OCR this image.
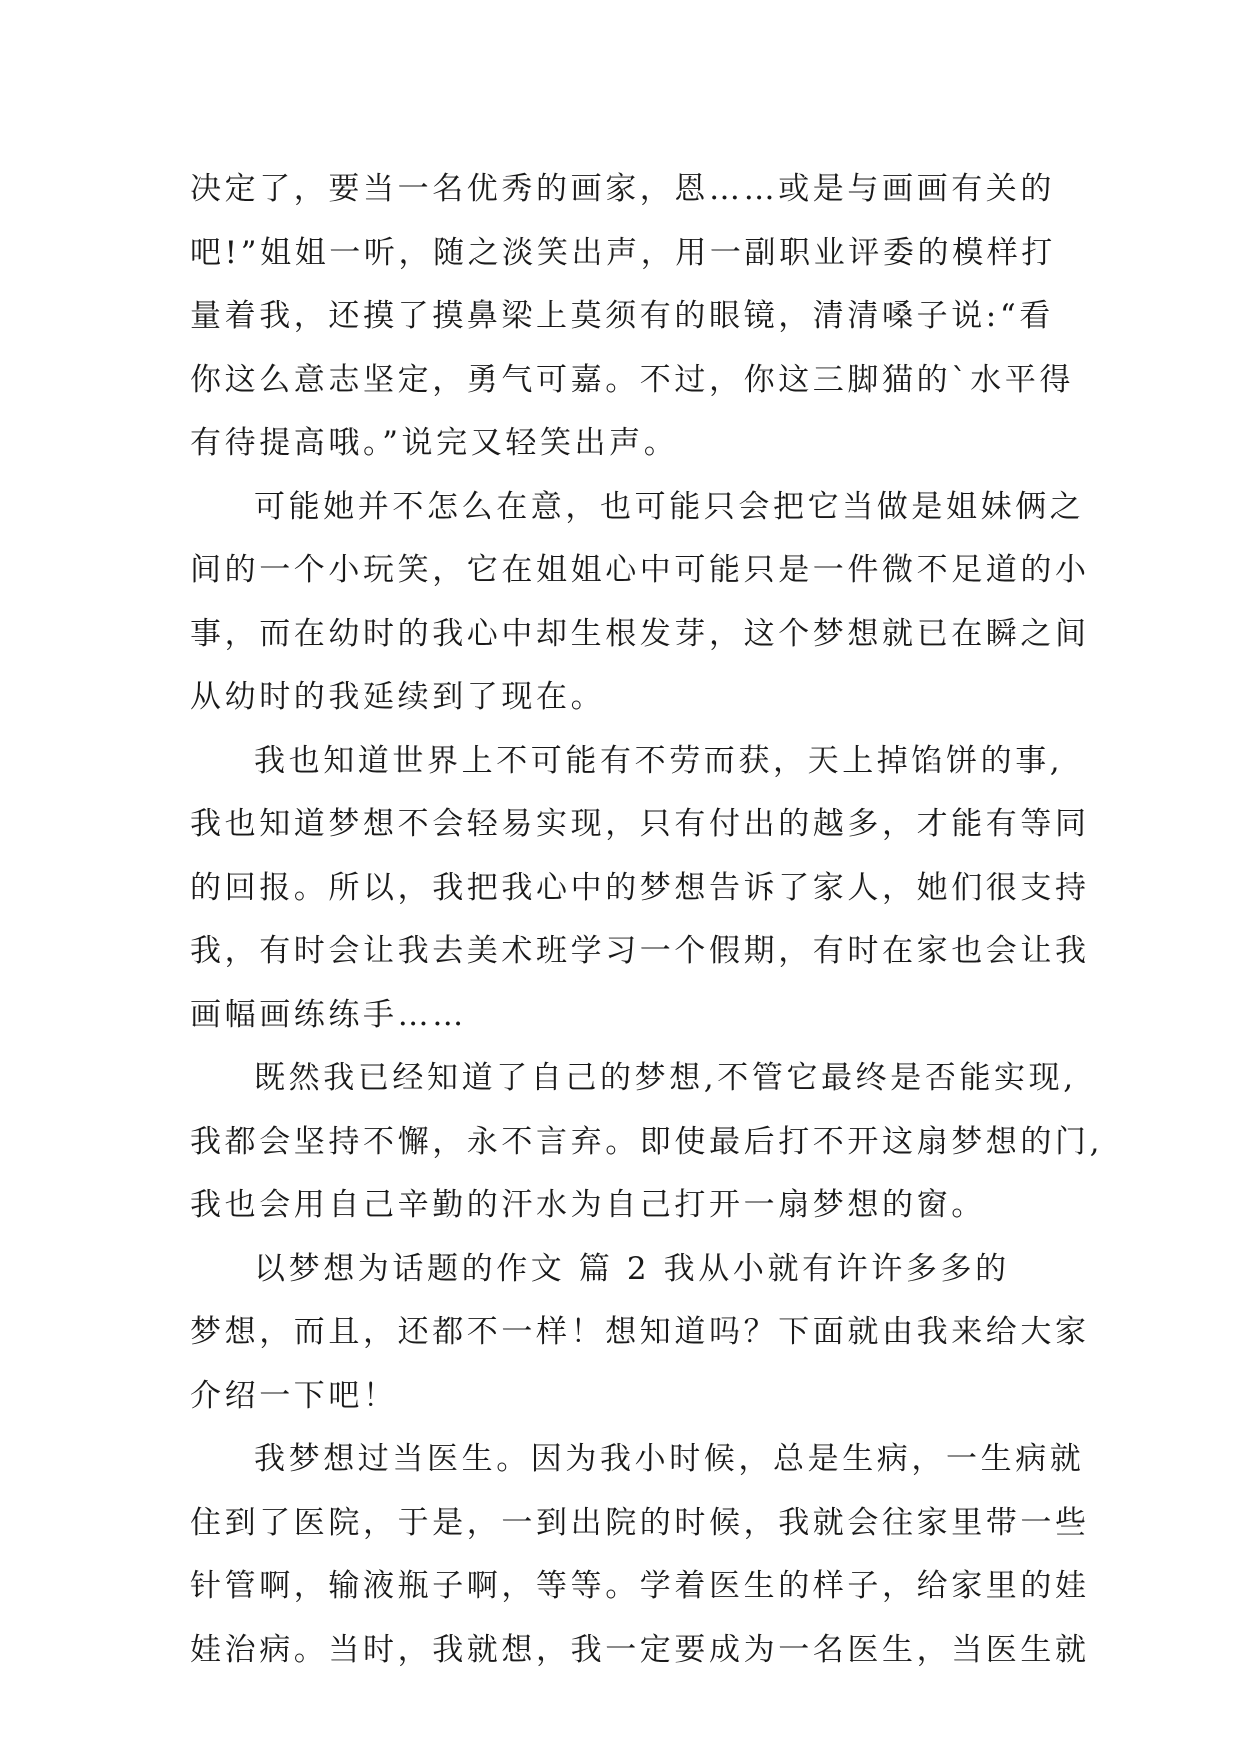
决定了，要当一名优秀的画家，恩……或是与画画有关的
吧!”姐姐一听，随之淡笑出声，用一副职业评委的模样打
量着我，还摸了摸鼻梁上莫须有的眼镜，清清嗓子说:“看
你这么意志坚定，勇气可嘉。不过，你这三脚猫的`水平得
有待提高哦。”说完又轻笑出声。
可能她并不怎么在意，也可能只会把它当做是姐妹俩之
间的一个小玩笑，它在姐姐心中可能只是一件微不足道的小
事，而在幼时的我心中却生根发芽，这个梦想就已在瞬之间
从幼时的我延续到了现在。
我也知道世界上不可能有不劳而获，天上掉馅饼的事,
我也知道梦想不会轻易实现，只有付出的越多，才能有等同
的回报。所以，我把我心中的梦想告诉了家人，她们很支持
我，有时会让我去美术班学习一个假期，有时在家也会让我
画幅画练练手……
既然我已经知道了自己的梦想,不管它最终是否能实现,
我都会坚持不懈，永不言弃。即使最后打不开这扇梦想的门,
我也会用自己辛勤的汗水为自己打开一扇梦想的窗。
以梦想为话题的作文 篇 2 我从小就有许许多多的
梦想，而且，还都不一样！想知道吗？下面就由我来给大家
介绍一下吧！
我梦想过当医生。因为我小时候，总是生病，一生病就
住到了医院，于是，一到出院的时候，我就会往家里带一些
针管啊，输液瓶子啊，等等。学着医生的样子，给家里的娃
娃治病。当时，我就想，我一定要成为一名医生，当医生就
